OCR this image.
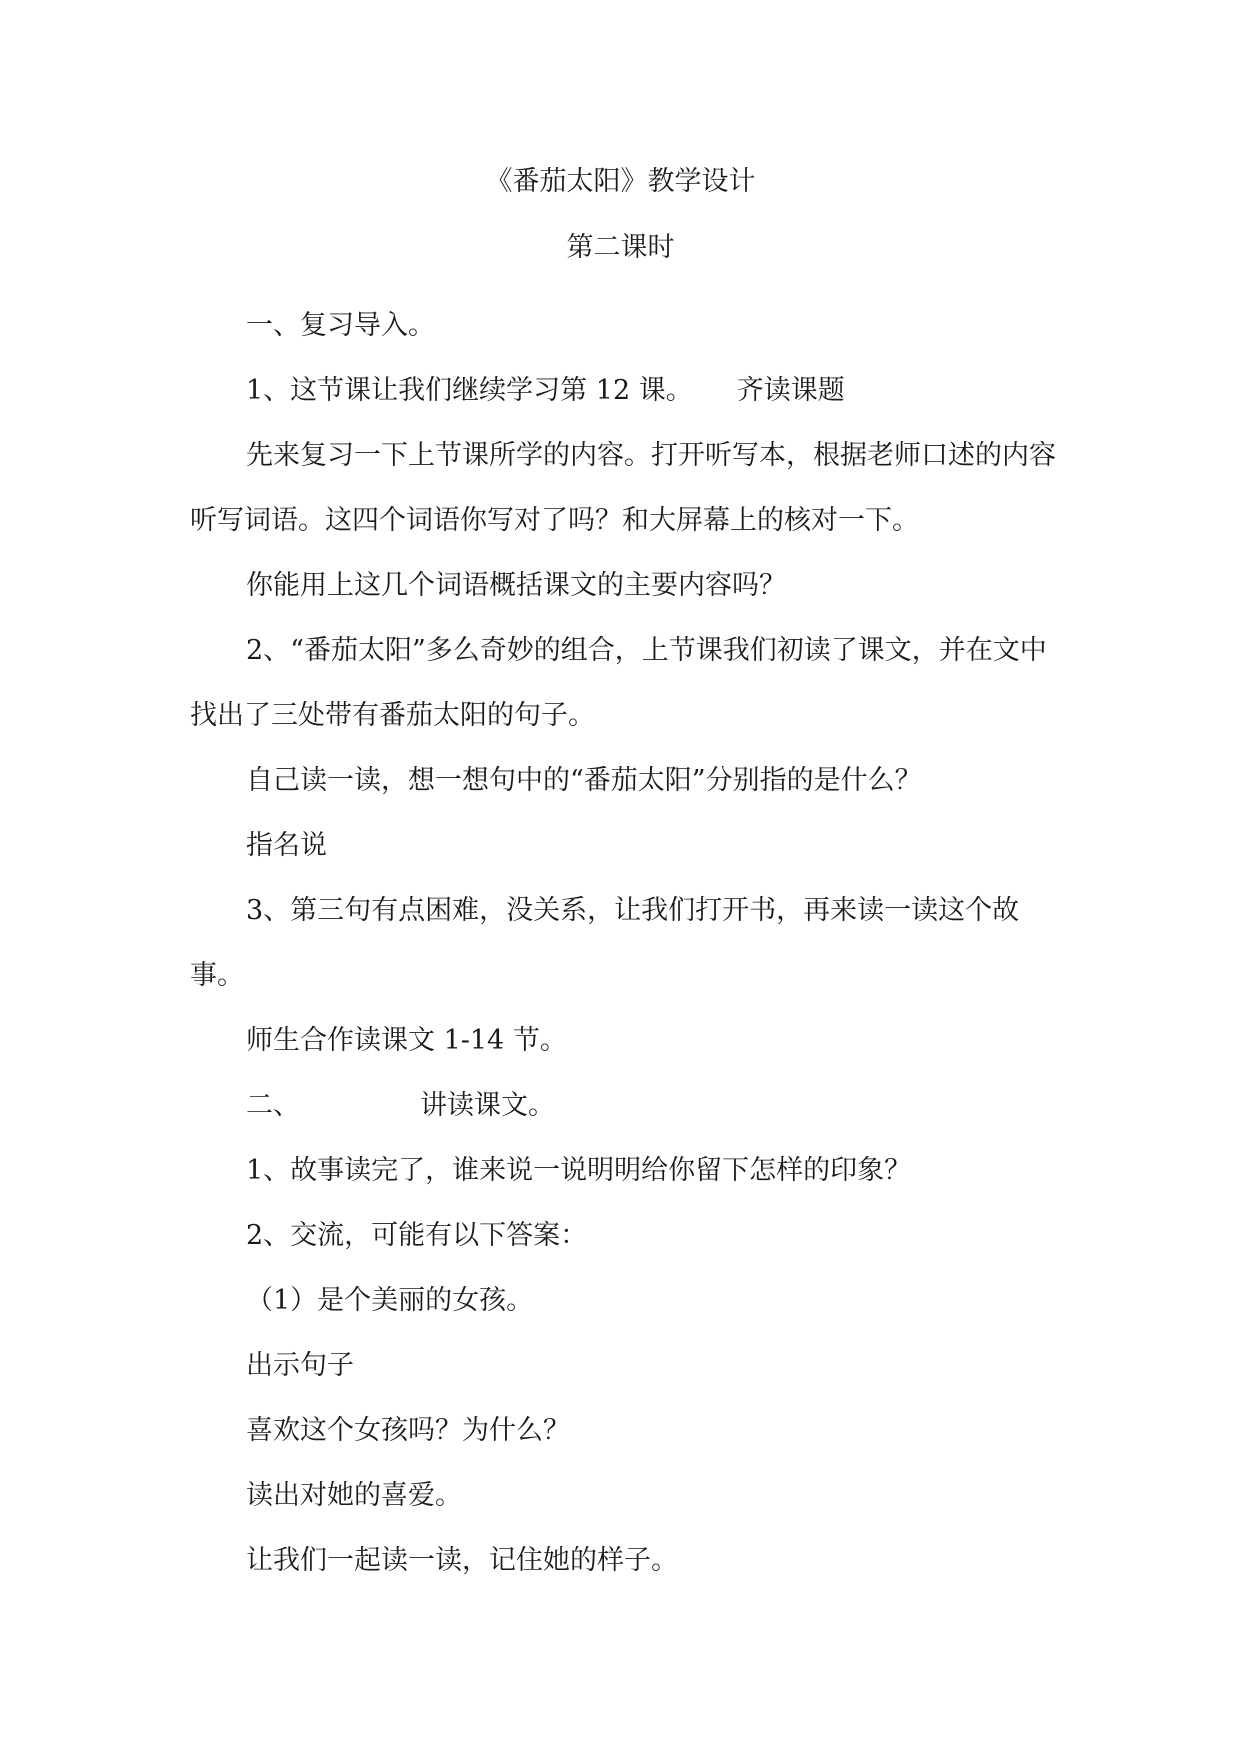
《番茄太阳》教学设计
第二课时

一、复习导入。

1、这节课让我们继续学习第 12 课。 齐读课题

先来复习一下上节课所学的内容。打开听写本，根据老师口述的内容听写词语。这四个词语你写对了吗？和大屏幕上的核对一下。

你能用上这几个词语概括课文的主要内容吗？

2、“番茄太阳”多么奇妙的组合，上节课我们初读了课文，并在文中找出了三处带有番茄太阳的句子。

自己读一读，想一想句中的“番茄太阳”分别指的是什么？

指名说

3、第三句有点困难，没关系，让我们打开书，再来读一读这个故事。

师生合作读课文 1-14 节。

二、	讲读课文。

1、故事读完了，谁来说一说明明给你留下怎样的印象？

2、交流，可能有以下答案：

（1）是个美丽的女孩。

出示句子

喜欢这个女孩吗？为什么？

读出对她的喜爱。

让我们一起读一读，记住她的样子。
